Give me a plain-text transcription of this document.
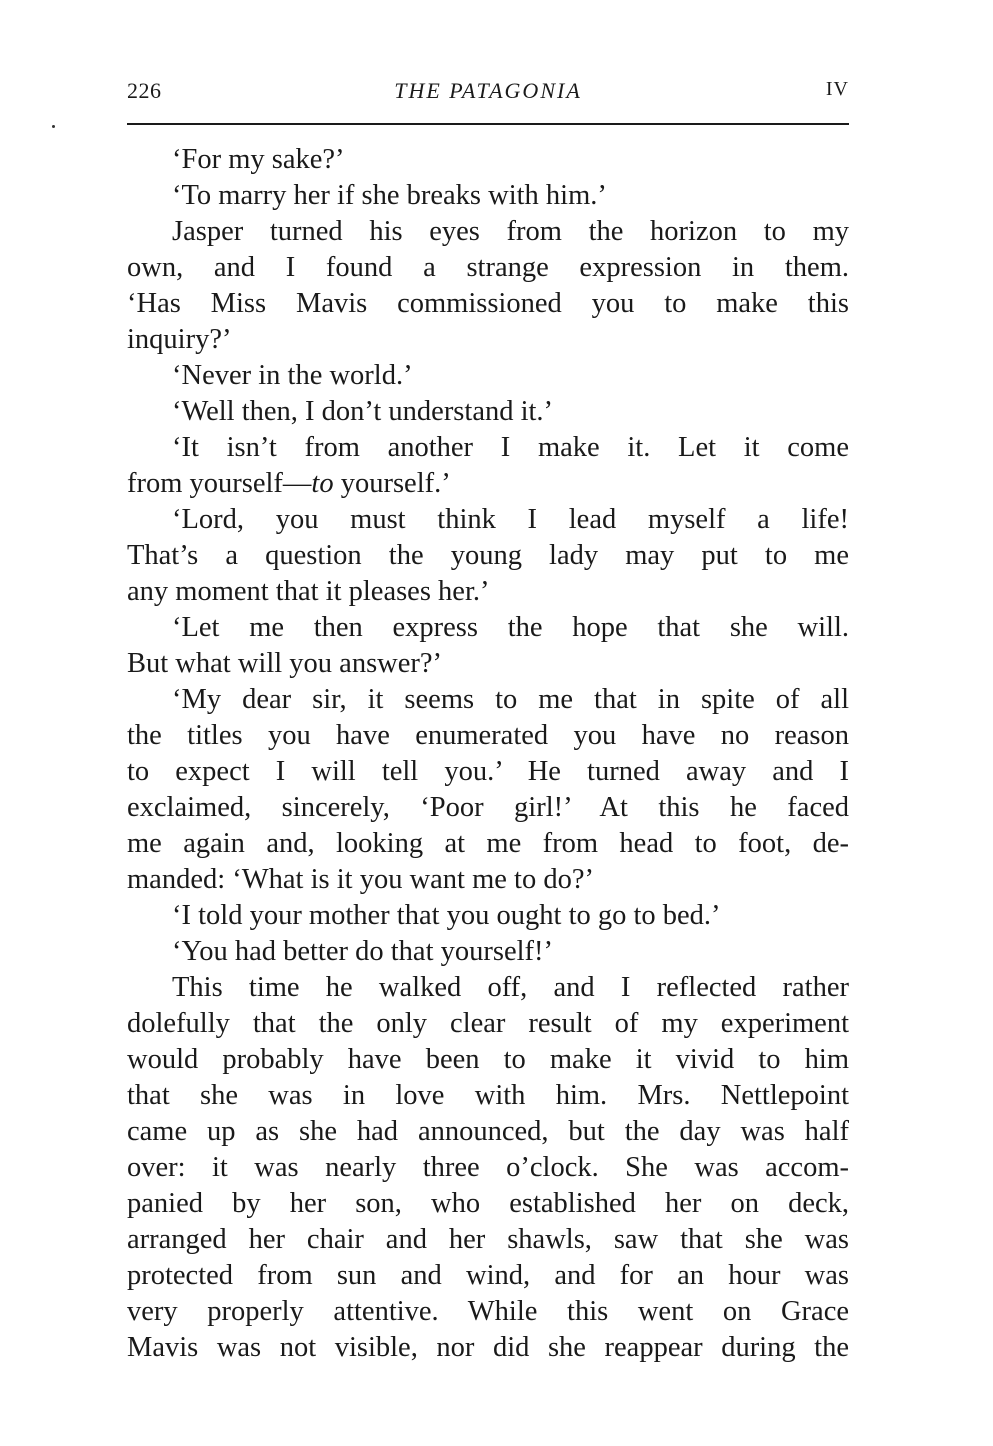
226	THE PATAGONIA	IV
‘For my sake?’
‘To marry her if she breaks with him.’
Jasper turned his eyes from the horizon to my
own, and I found a strange expression in them.
‘Has Miss Mavis commissioned you to make this
inquiry?’
‘Never in the world.’
‘Well then, I don’t understand it.’
‘It isn’t from another I make it. Let it come
from yourself—to yourself.’
‘Lord, you must think I lead myself a life!
That’s a question the young lady may put to me
any moment that it pleases her.’
‘Let me then express the hope that she will.
But what will you answer?’
‘My dear sir, it seems to me that in spite of all
the titles you have enumerated you have no reason
to expect I will tell you.’ He turned away and I
exclaimed, sincerely, ‘Poor girl!’ At this he faced
me again and, looking at me from head to foot, de-
manded: ‘What is it you want me to do?’
‘I told your mother that you ought to go to bed.’
‘You had better do that yourself!’
This time he walked off, and I reflected rather
dolefully that the only clear result of my experiment
would probably have been to make it vivid to him
that she was in love with him. Mrs. Nettlepoint
came up as she had announced, but the day was half
over: it was nearly three o’clock. She was accom-
panied by her son, who established her on deck,
arranged her chair and her shawls, saw that she was
protected from sun and wind, and for an hour was
very properly attentive. While this went on Grace
Mavis was not visible, nor did she reappear during the
